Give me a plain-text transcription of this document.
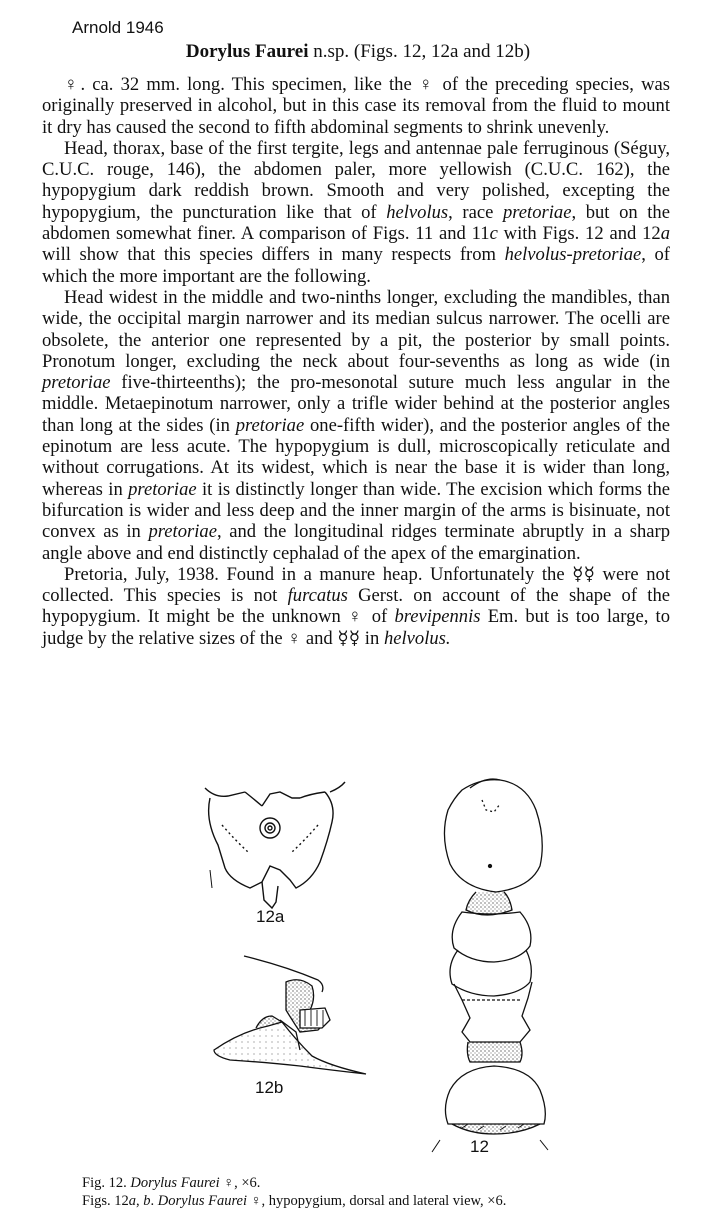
Arnold 1946
Dorylus Faurei n.sp. (Figs. 12, 12a and 12b)

♀. ca. 32 mm. long. This specimen, like the ♀ of the preceding species, was originally preserved in alcohol, but in this case its removal from the fluid to mount it dry has caused the second to fifth abdominal segments to shrink unevenly.

Head, thorax, base of the first tergite, legs and antennae pale ferruginous (Séguy, C.U.C. rouge, 146), the abdomen paler, more yellowish (C.U.C. 162), the hypopygium dark reddish brown. Smooth and very polished, excepting the hypopygium, the puncturation like that of helvolus, race pretoriae, but on the abdomen somewhat finer. A comparison of Figs. 11 and 11c with Figs. 12 and 12a will show that this species differs in many respects from helvolus-pretoriae, of which the more important are the following.

Head widest in the middle and two-ninths longer, excluding the mandibles, than wide, the occipital margin narrower and its median sulcus narrower. The ocelli are obsolete, the anterior one represented by a pit, the posterior by small points. Pronotum longer, excluding the neck about four-sevenths as long as wide (in pretoriae five-thirteenths); the pro-mesonotal suture much less angular in the middle. Metaepinotum narrower, only a trifle wider behind at the posterior angles than long at the sides (in pretoriae one-fifth wider), and the posterior angles of the epinotum are less acute. The hypopygium is dull, microscopically reticulate and without corrugations. At its widest, which is near the base it is wider than long, whereas in pretoriae it is distinctly longer than wide. The excision which forms the bifurcation is wider and less deep and the inner margin of the arms is bisinuate, not convex as in pretoriae, and the longitudinal ridges terminate abruptly in a sharp angle above and end distinctly cephalad of the apex of the emargination.

Pretoria, July, 1938. Found in a manure heap. Unfortunately the ☿☿ were not collected. This species is not furcatus Gerst. on account of the shape of the hypopygium. It might be the unknown ♀ of brevipennis Em. but is too large, to judge by the relative sizes of the ♀ and ☿☿ in helvolus.

12a
12b
12
Fig. 12. Dorylus Faurei ♀, ×6.
Figs. 12a, b. Dorylus Faurei ♀, hypopygium, dorsal and lateral view, ×6.
